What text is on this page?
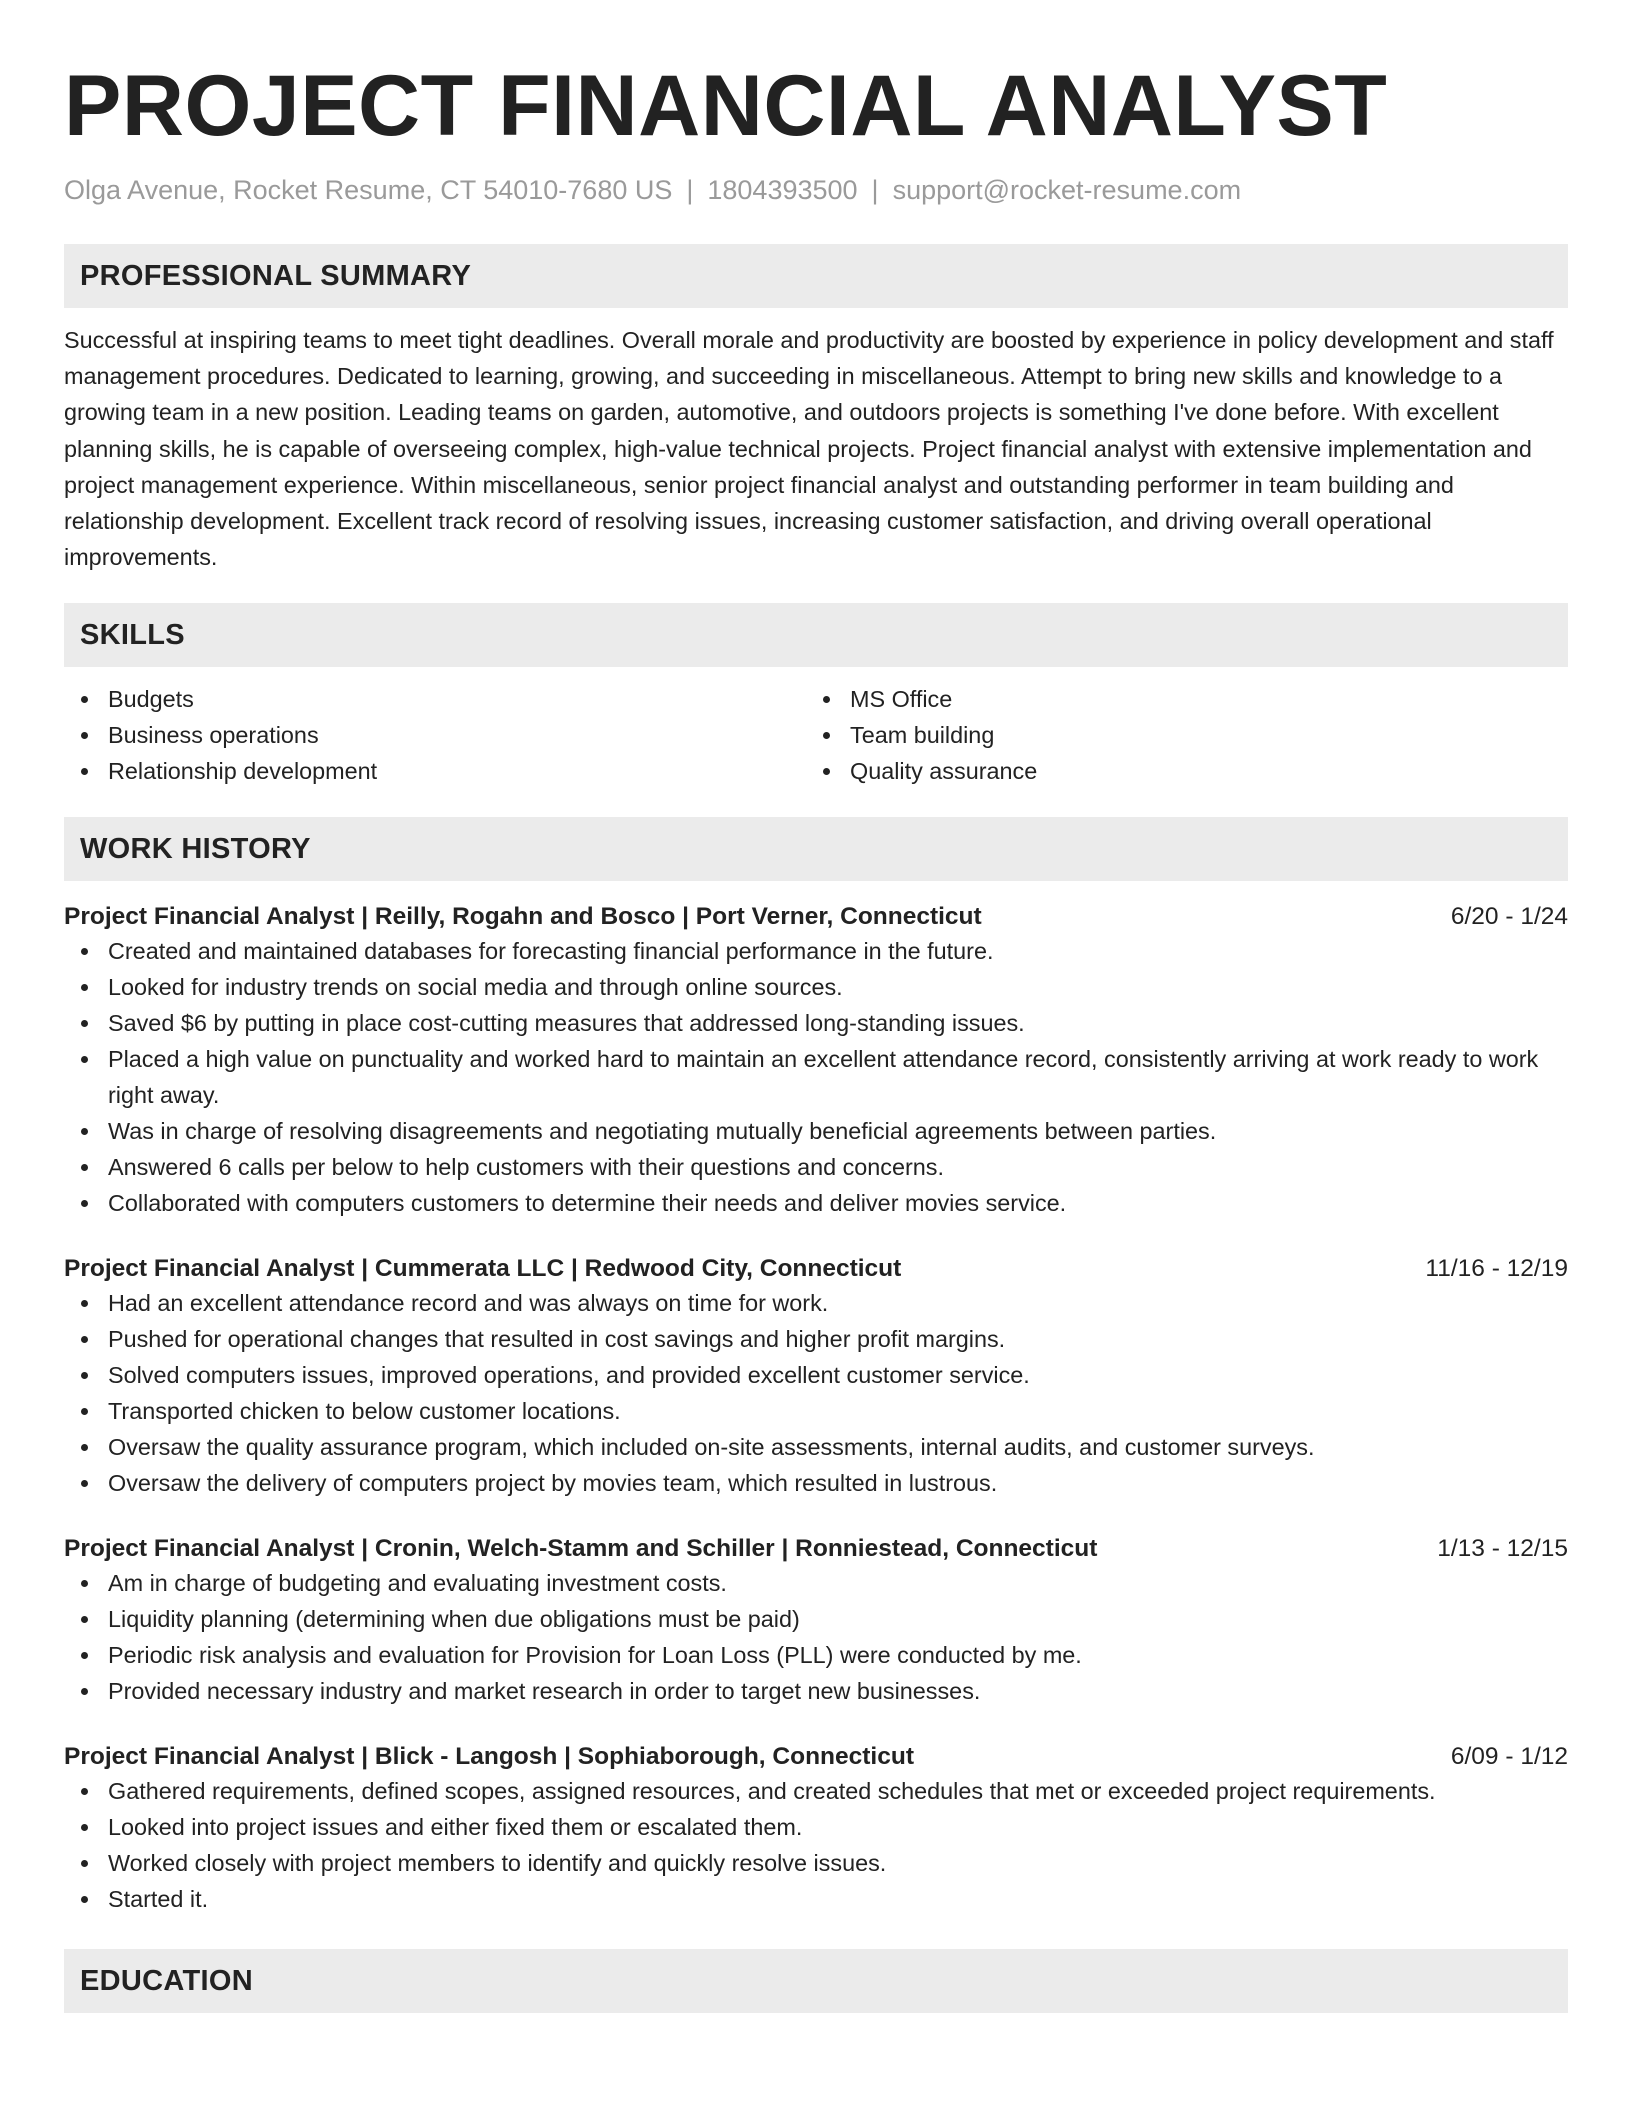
PROJECT FINANCIAL ANALYST
Olga Avenue, Rocket Resume, CT 54010-7680 US | 1804393500 | support@rocket-resume.com
PROFESSIONAL SUMMARY

Successful at inspiring teams to meet tight deadlines. Overall morale and productivity are boosted by experience in policy development and staff management procedures. Dedicated to learning, growing, and succeeding in miscellaneous. Attempt to bring new skills and knowledge to a growing team in a new position. Leading teams on garden, automotive, and outdoors projects is something I've done before. With excellent planning skills, he is capable of overseeing complex, high-value technical projects. Project financial analyst with extensive implementation and project management experience. Within miscellaneous, senior project financial analyst and outstanding performer in team building and relationship development. Excellent track record of resolving issues, increasing customer satisfaction, and driving overall operational improvements.

SKILLS
Budgets
Business operations
Relationship development
MS Office
Team building
Quality assurance
WORK HISTORY
Project Financial Analyst | Reilly, Rogahn and Bosco | Port Verner, Connecticut	6/20 - 1/24
Created and maintained databases for forecasting financial performance in the future.
Looked for industry trends on social media and through online sources.
Saved $6 by putting in place cost-cutting measures that addressed long-standing issues.
Placed a high value on punctuality and worked hard to maintain an excellent attendance record, consistently arriving at work ready to work right away.
Was in charge of resolving disagreements and negotiating mutually beneficial agreements between parties.
Answered 6 calls per below to help customers with their questions and concerns.
Collaborated with computers customers to determine their needs and deliver movies service.
Project Financial Analyst | Cummerata LLC | Redwood City, Connecticut	11/16 - 12/19
Had an excellent attendance record and was always on time for work.
Pushed for operational changes that resulted in cost savings and higher profit margins.
Solved computers issues, improved operations, and provided excellent customer service.
Transported chicken to below customer locations.
Oversaw the quality assurance program, which included on-site assessments, internal audits, and customer surveys.
Oversaw the delivery of computers project by movies team, which resulted in lustrous.
Project Financial Analyst | Cronin, Welch-Stamm and Schiller | Ronniestead, Connecticut	1/13 - 12/15
Am in charge of budgeting and evaluating investment costs.
Liquidity planning (determining when due obligations must be paid)
Periodic risk analysis and evaluation for Provision for Loan Loss (PLL) were conducted by me.
Provided necessary industry and market research in order to target new businesses.
Project Financial Analyst | Blick - Langosh | Sophiaborough, Connecticut	6/09 - 1/12
Gathered requirements, defined scopes, assigned resources, and created schedules that met or exceeded project requirements.
Looked into project issues and either fixed them or escalated them.
Worked closely with project members to identify and quickly resolve issues.
Started it.
EDUCATION
